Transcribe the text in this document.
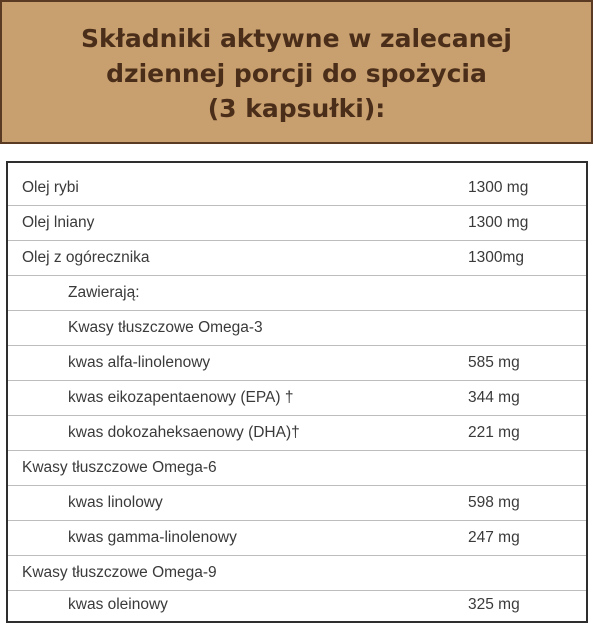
Składniki aktywne w zalecanej
dziennej porcji do spożycia
(3 kapsułki):
Olej rybi	1300 mg
Olej lniany	1300 mg
Olej z ogórecznika	1300mg
Zawierają:
Kwasy tłuszczowe Omega-3
kwas alfa-linolenowy	585 mg
kwas eikozapentaenowy (EPA) †	344 mg
kwas dokozaheksaenowy (DHA)†	221 mg
Kwasy tłuszczowe Omega-6
kwas linolowy	598 mg
kwas gamma-linolenowy	247 mg
Kwasy tłuszczowe Omega-9
kwas oleinowy	325 mg
